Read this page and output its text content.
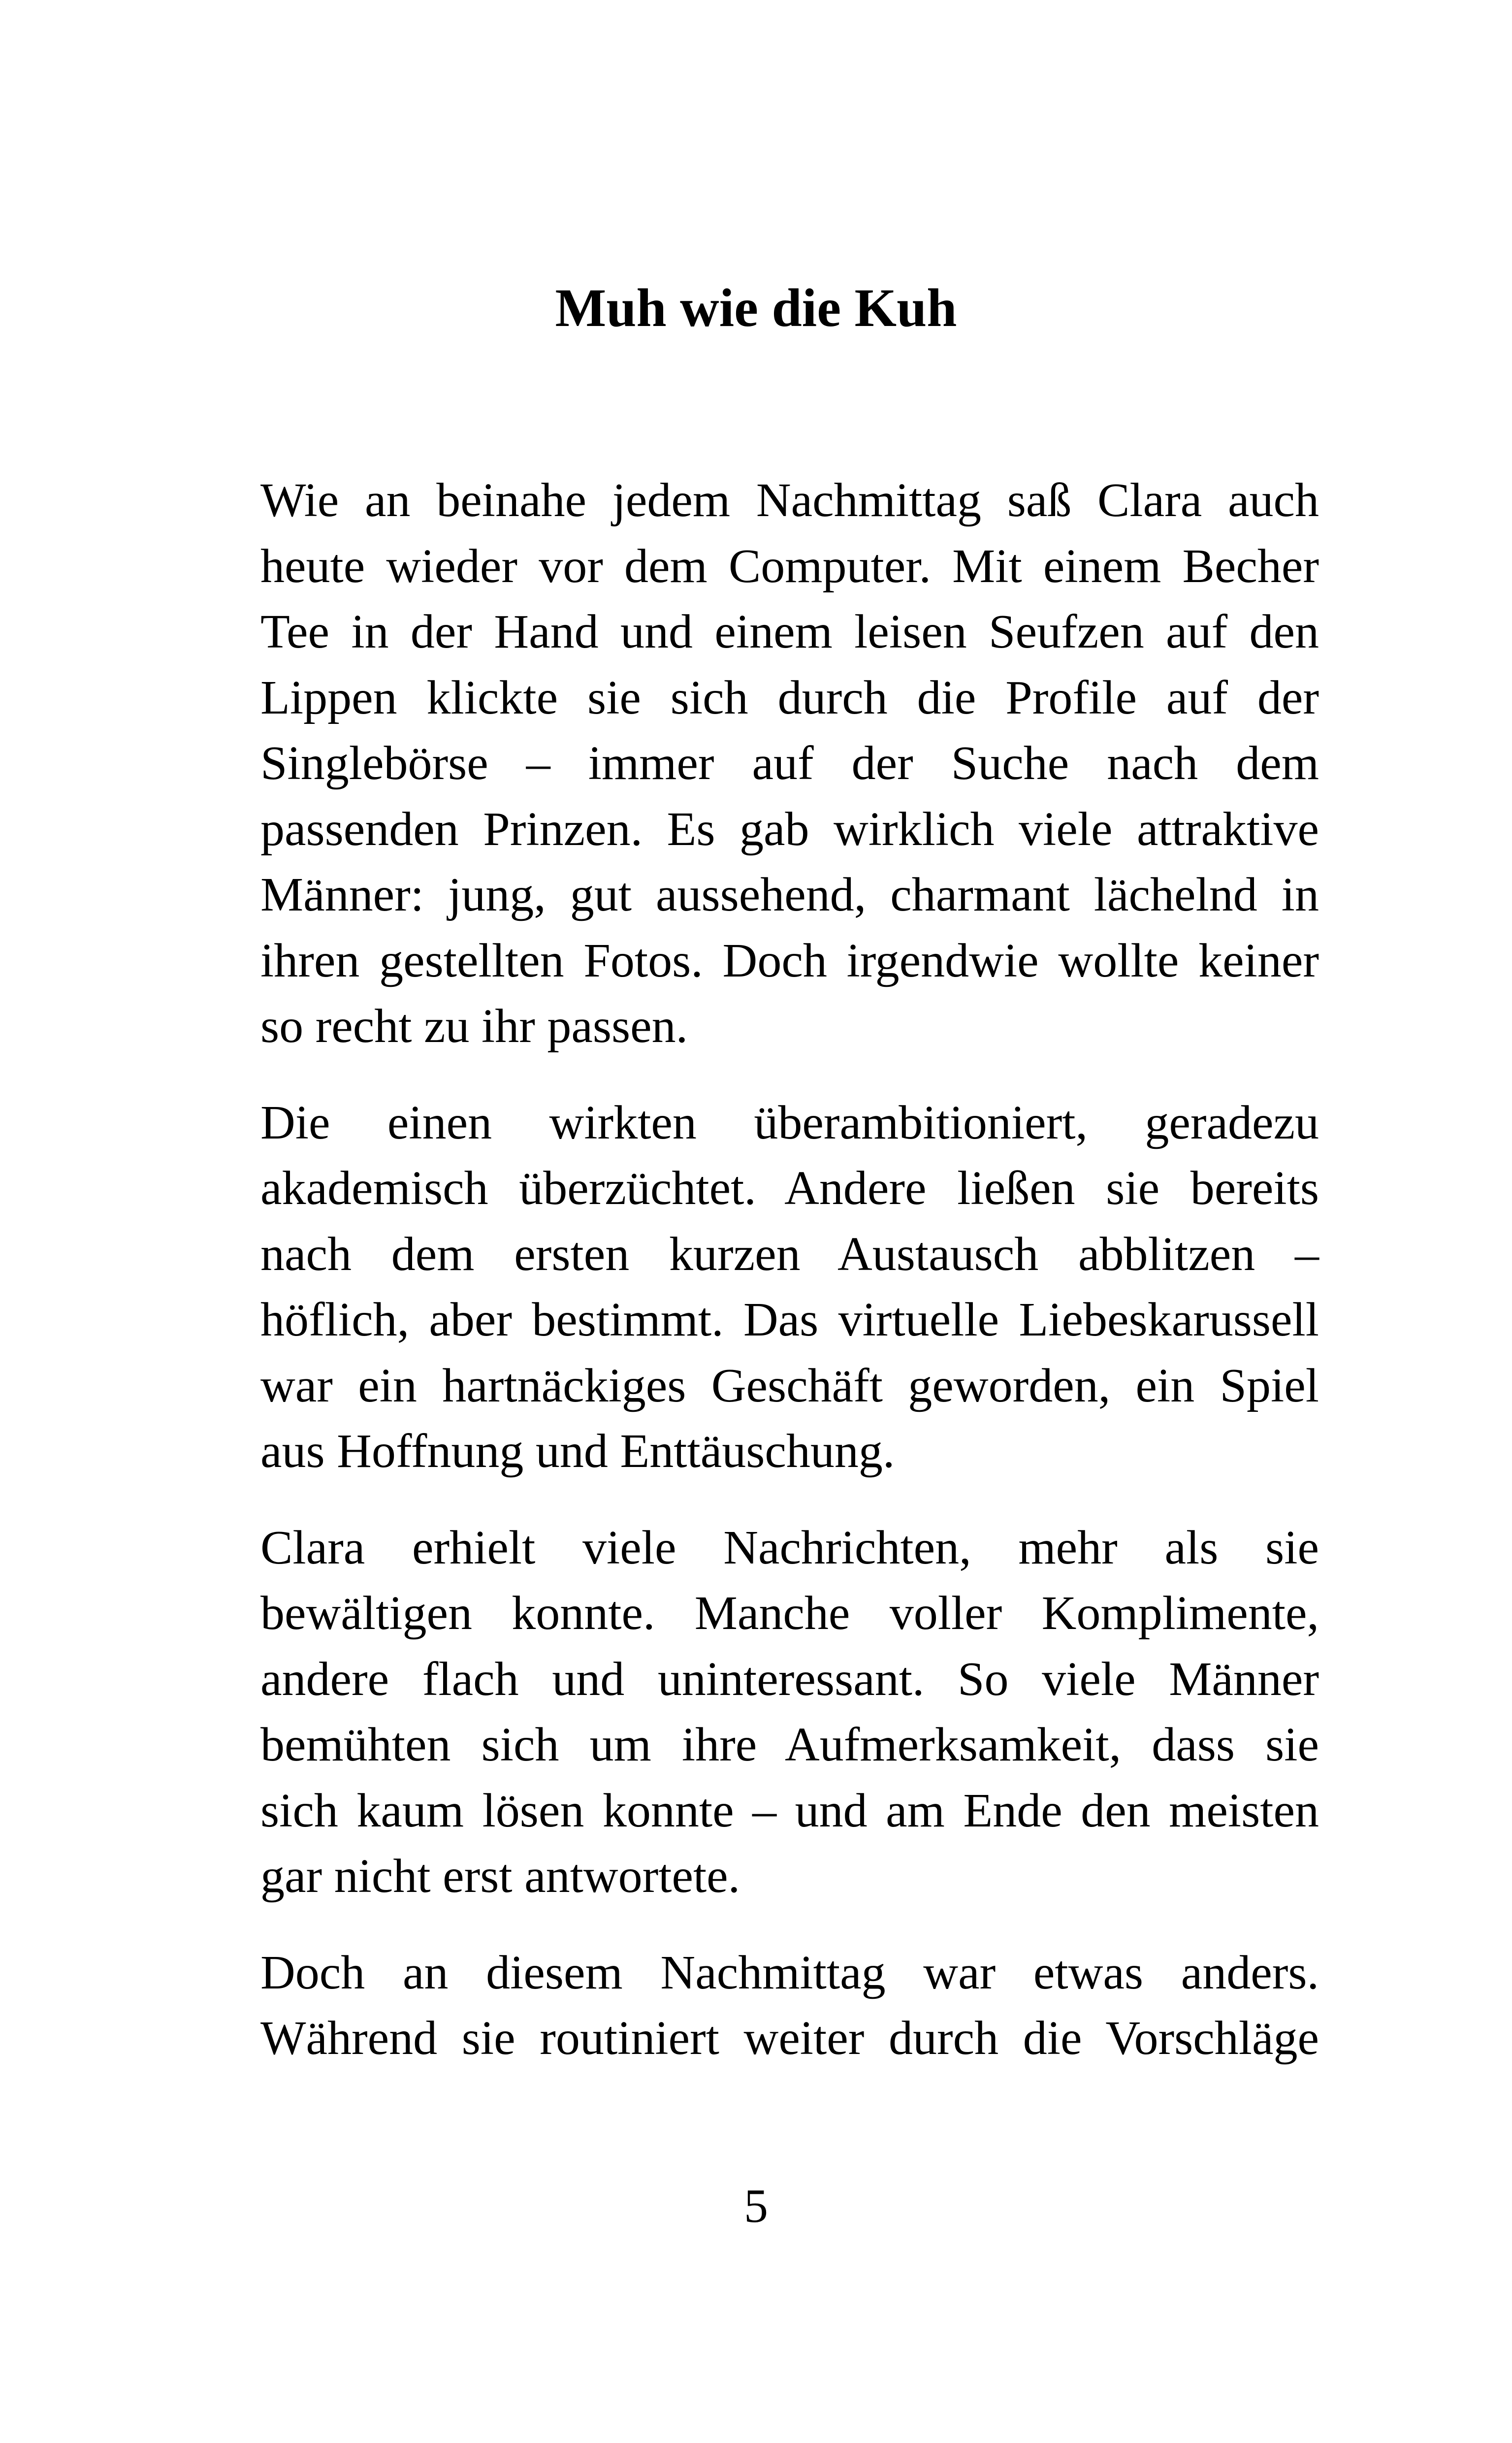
Muh wie die Kuh

Wie an beinahe jedem Nachmittag saß Clara auch
heute wieder vor dem Computer. Mit einem Becher
Tee in der Hand und einem leisen Seufzen auf den
Lippen klickte sie sich durch die Profile auf der
Singlebörse – immer auf der Suche nach dem
passenden Prinzen. Es gab wirklich viele attraktive
Männer: jung, gut aussehend, charmant lächelnd in
ihren gestellten Fotos. Doch irgendwie wollte keiner
so recht zu ihr passen.

Die einen wirkten überambitioniert, geradezu
akademisch überzüchtet. Andere ließen sie bereits
nach dem ersten kurzen Austausch abblitzen –
höflich, aber bestimmt. Das virtuelle Liebeskarussell
war ein hartnäckiges Geschäft geworden, ein Spiel
aus Hoffnung und Enttäuschung.

Clara erhielt viele Nachrichten, mehr als sie
bewältigen konnte. Manche voller Komplimente,
andere flach und uninteressant. So viele Männer
bemühten sich um ihre Aufmerksamkeit, dass sie
sich kaum lösen konnte – und am Ende den meisten
gar nicht erst antwortete.

Doch an diesem Nachmittag war etwas anders.
Während sie routiniert weiter durch die Vorschläge

5
